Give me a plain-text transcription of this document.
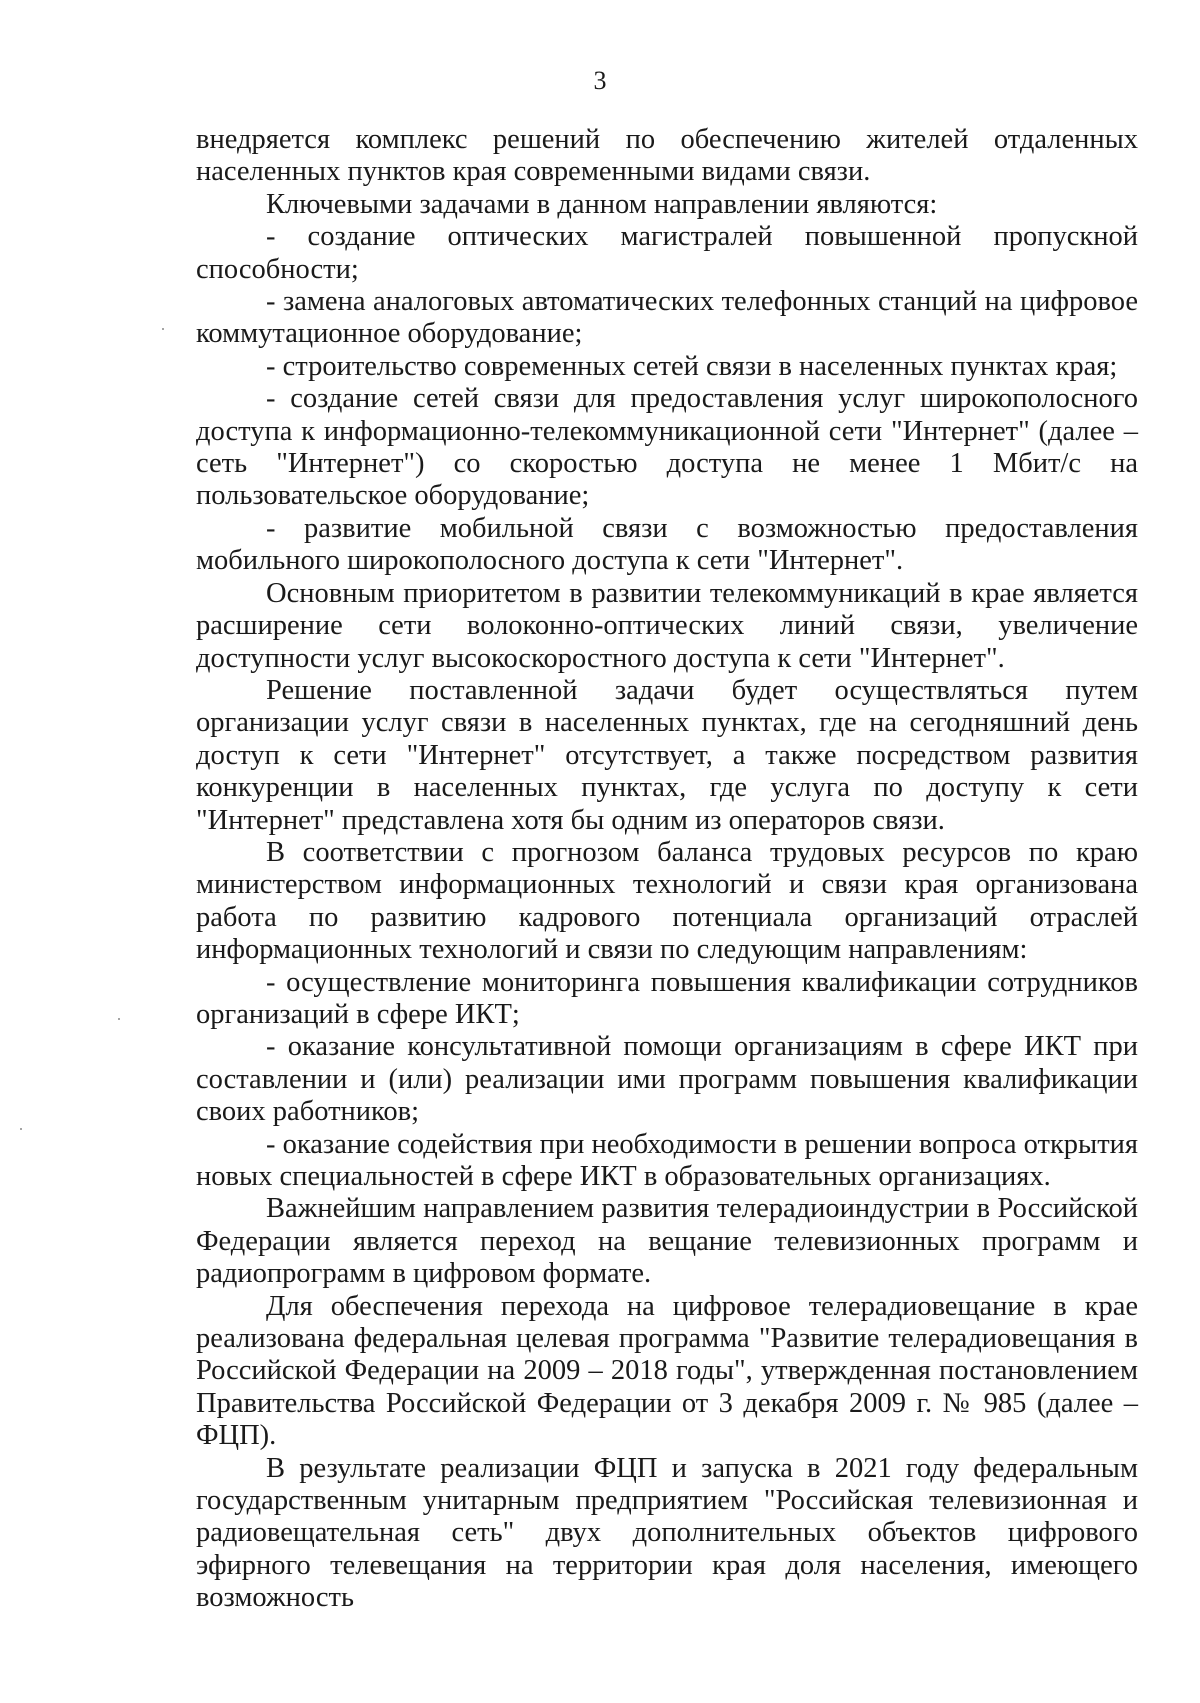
3

внедряется комплекс решений по обеспечению жителей отдаленных населенных пунктов края современными видами связи.

Ключевыми задачами в данном направлении являются:

- создание оптических магистралей повышенной пропускной способности;

- замена аналоговых автоматических телефонных станций на цифровое коммутационное оборудование;

- строительство современных сетей связи в населенных пунктах края;

- создание сетей связи для предоставления услуг широкополосного доступа к информационно-телекоммуникационной сети "Интернет" (далее – сеть "Интернет") со скоростью доступа не менее 1 Мбит/с на пользовательское оборудование;

- развитие мобильной связи с возможностью предоставления мобильного широкополосного доступа к сети "Интернет".

Основным приоритетом в развитии телекоммуникаций в крае является расширение сети волоконно-оптических линий связи, увеличение доступности услуг высокоскоростного доступа к сети "Интернет".

Решение поставленной задачи будет осуществляться путем организации услуг связи в населенных пунктах, где на сегодняшний день доступ к сети "Интернет" отсутствует, а также посредством развития конкуренции в населенных пунктах, где услуга по доступу к сети "Интернет" представлена хотя бы одним из операторов связи.

В соответствии с прогнозом баланса трудовых ресурсов по краю министерством информационных технологий и связи края организована работа по развитию кадрового потенциала организаций отраслей информационных технологий и связи по следующим направлениям:

- осуществление мониторинга повышения квалификации сотрудников организаций в сфере ИКТ;

- оказание консультативной помощи организациям в сфере ИКТ при составлении и (или) реализации ими программ повышения квалификации своих работников;

- оказание содействия при необходимости в решении вопроса открытия новых специальностей в сфере ИКТ в образовательных организациях.

Важнейшим направлением развития телерадиоиндустрии в Российской Федерации является переход на вещание телевизионных программ и радиопрограмм в цифровом формате.

Для обеспечения перехода на цифровое телерадиовещание в крае реализована федеральная целевая программа "Развитие телерадиовещания в Российской Федерации на 2009 – 2018 годы", утвержденная постановлением Правительства Российской Федерации от 3 декабря 2009 г. № 985 (далее – ФЦП).

В результате реализации ФЦП и запуска в 2021 году федеральным государственным унитарным предприятием "Российская телевизионная и радиовещательная сеть" двух дополнительных объектов цифрового эфирного телевещания на территории края доля населения, имеющего возможность
